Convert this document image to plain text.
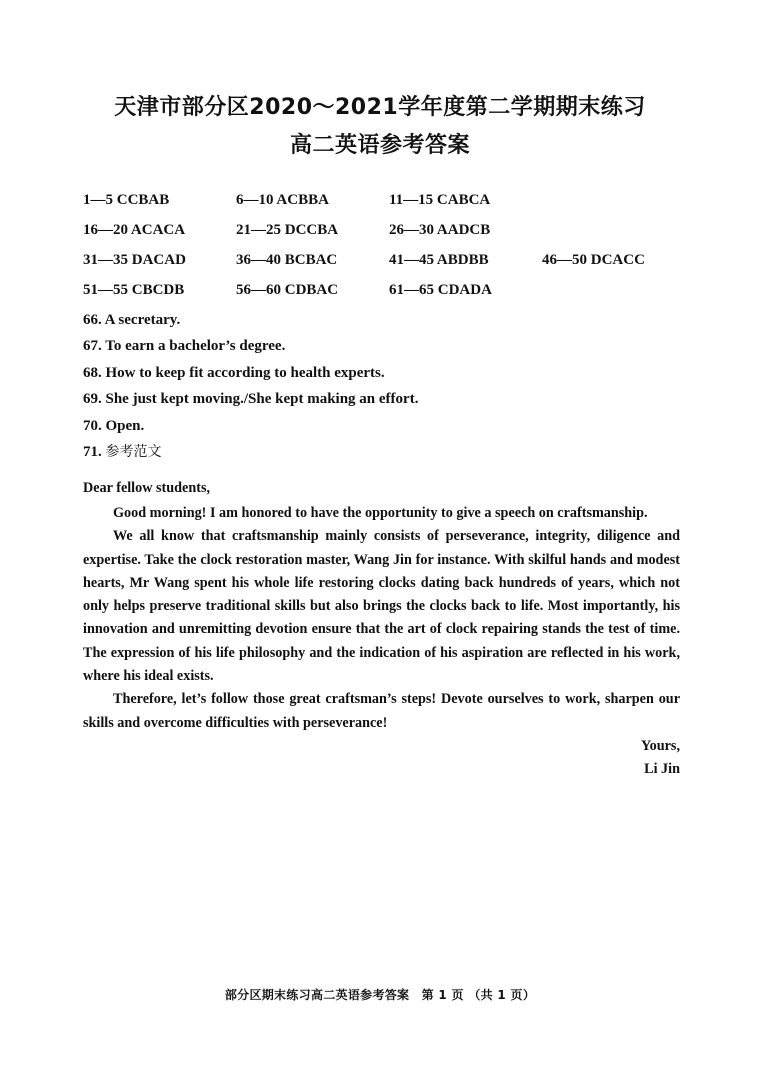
天津市部分区2020～2021学年度第二学期期末练习
高二英语参考答案
1—5 CCBAB	6—10 ACBBA	11—15 CABCA
16—20 ACACA	21—25 DCCBA	26—30 AADCB
31—35 DACAD	36—40 BCBAC	41—45 ABDBB	46—50 DCACC
51—55 CBCDB	56—60 CDBAC	61—65 CDADA
66. A secretary.
67. To earn a bachelor’s degree.
68. How to keep fit according to health experts.
69. She just kept moving./She kept making an effort.
70. Open.
71. 参考范文
Dear fellow students,

Good morning! I am honored to have the opportunity to give a speech on craftsmanship.

We all know that craftsmanship mainly consists of perseverance, integrity, diligence and expertise. Take the clock restoration master, Wang Jin for instance. With skilful hands and modest hearts, Mr Wang spent his whole life restoring clocks dating back hundreds of years, which not only helps preserve traditional skills but also brings the clocks back to life. Most importantly, his innovation and unremitting devotion ensure that the art of clock repairing stands the test of time. The expression of his life philosophy and the indication of his aspiration are reflected in his work, where his ideal exists.

Therefore, let’s follow those great craftsman’s steps! Devote ourselves to work, sharpen our skills and overcome difficulties with perseverance!

Yours,
Li Jin
部分区期末练习高二英语参考答案　第 1 页 （共 1 页）
